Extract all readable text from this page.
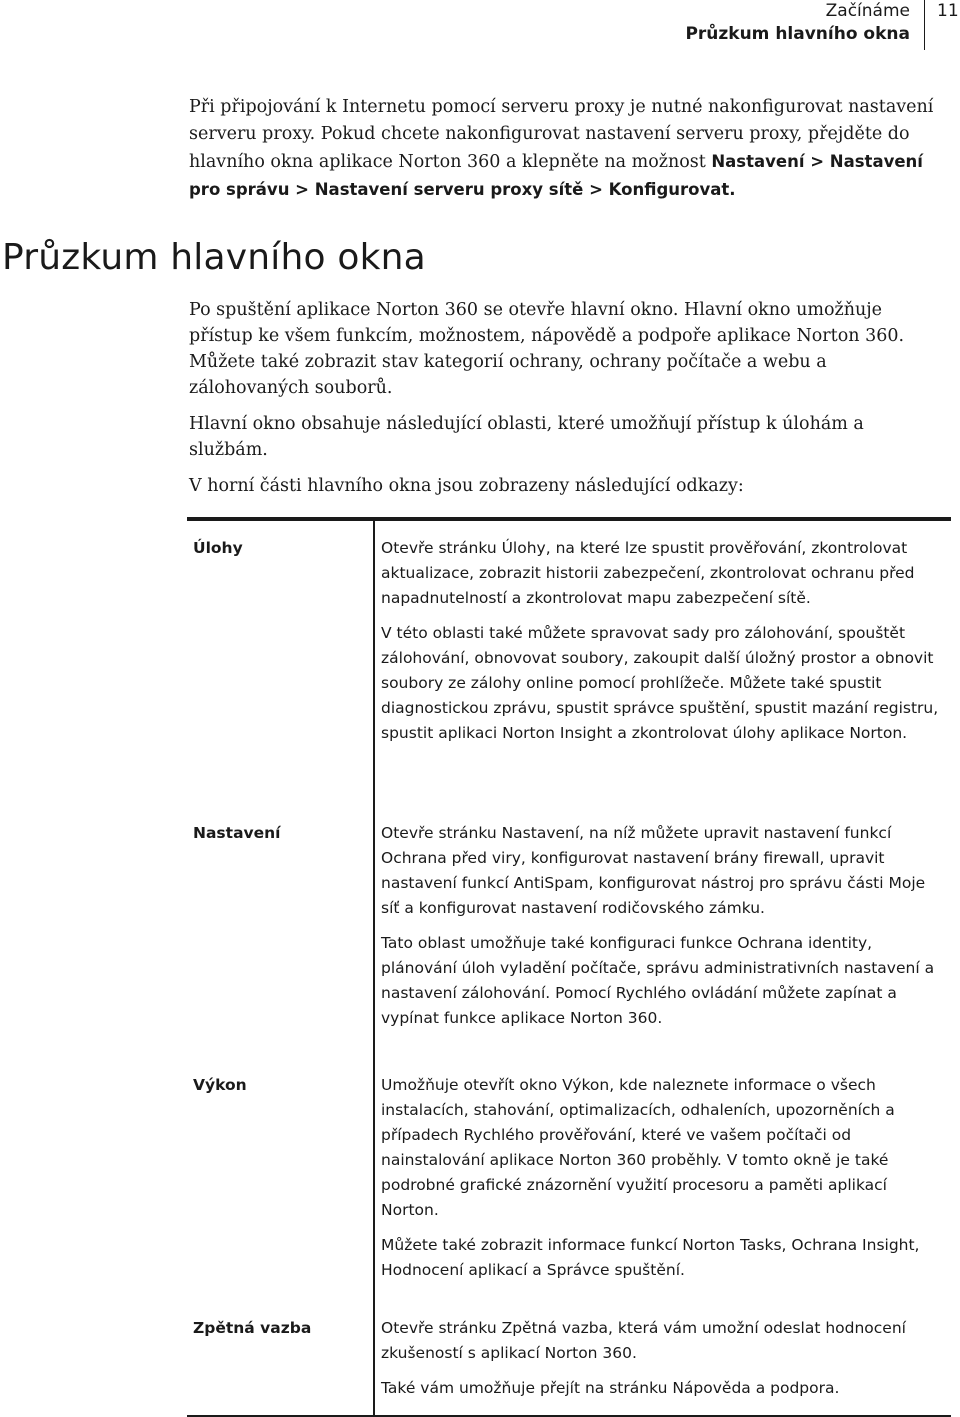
Začínáme
Průzkum hlavního okna
11

Při připojování k Internetu pomocí serveru proxy je nutné nakonfigurovat nastavení serveru proxy. Pokud chcete nakonfigurovat nastavení serveru proxy, přejděte do hlavního okna aplikace Norton 360 a klepněte na možnost Nastavení > Nastavení pro správu > Nastavení serveru proxy sítě > Konfigurovat.

Průzkum hlavního okna

Po spuštění aplikace Norton 360 se otevře hlavní okno. Hlavní okno umožňuje přístup ke všem funkcím, možnostem, nápovědě a podpoře aplikace Norton 360. Můžete také zobrazit stav kategorií ochrany, ochrany počítače a webu a zálohovaných souborů.

Hlavní okno obsahuje následující oblasti, které umožňují přístup k úlohám a službám.

V horní části hlavního okna jsou zobrazeny následující odkazy:

Úlohy	Otevře stránku Úlohy, na které lze spustit prověřování, zkontrolovat aktualizace, zobrazit historii zabezpečení, zkontrolovat ochranu před napadnutelností a zkontrolovat mapu zabezpečení sítě.

V této oblasti také můžete spravovat sady pro zálohování, spouštět zálohování, obnovovat soubory, zakoupit další úložný prostor a obnovit soubory ze zálohy online pomocí prohlížeče. Můžete také spustit diagnostickou zprávu, spustit správce spuštění, spustit mazání registru, spustit aplikaci Norton Insight a zkontrolovat úlohy aplikace Norton.

Nastavení	Otevře stránku Nastavení, na níž můžete upravit nastavení funkcí Ochrana před viry, konfigurovat nastavení brány firewall, upravit nastavení funkcí AntiSpam, konfigurovat nástroj pro správu části Moje síť a konfigurovat nastavení rodičovského zámku.

Tato oblast umožňuje také konfiguraci funkce Ochrana identity, plánování úloh vyladění počítače, správu administrativních nastavení a nastavení zálohování. Pomocí Rychlého ovládání můžete zapínat a vypínat funkce aplikace Norton 360.

Výkon	Umožňuje otevřít okno Výkon, kde naleznete informace o všech instalacích, stahování, optimalizacích, odhaleních, upozorněních a případech Rychlého prověřování, které ve vašem počítači od nainstalování aplikace Norton 360 proběhly. V tomto okně je také podrobné grafické znázornění využití procesoru a paměti aplikací Norton.

Můžete také zobrazit informace funkcí Norton Tasks, Ochrana Insight, Hodnocení aplikací a Správce spuštění.

Zpětná vazba	Otevře stránku Zpětná vazba, která vám umožní odeslat hodnocení zkušeností s aplikací Norton 360.

Také vám umožňuje přejít na stránku Nápověda a podpora.
